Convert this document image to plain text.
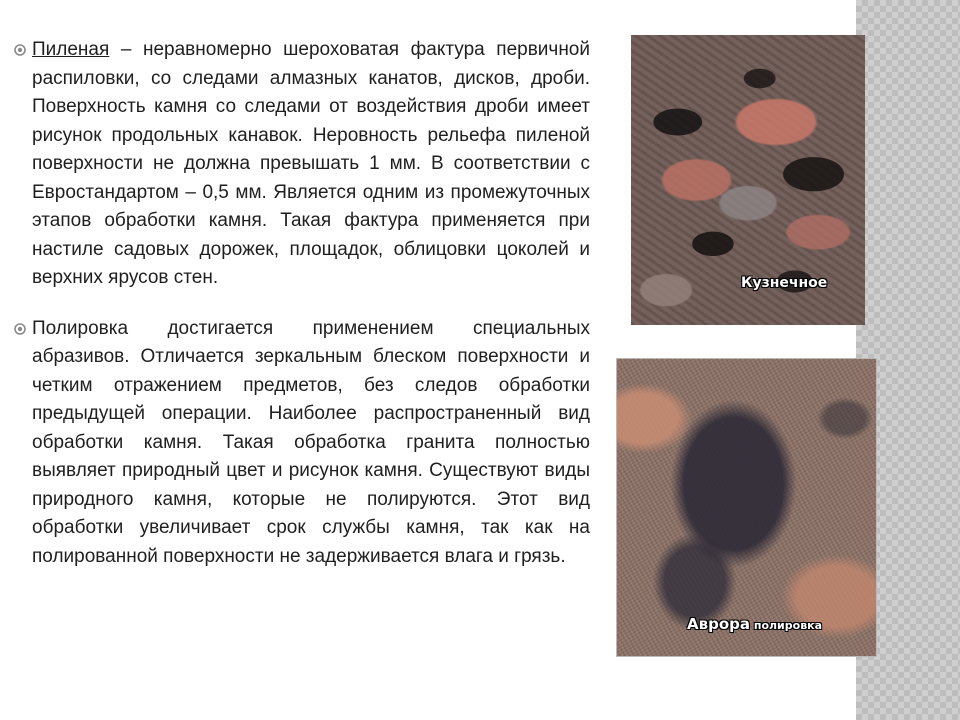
Пиленая – неравномерно шероховатая фактура первичной распиловки, со следами алмазных канатов, дисков, дроби. Поверхность камня со следами от воздействия дроби имеет рисунок продольных канавок. Неровность рельефа пиленой поверхности не должна превышать 1 мм. В соответствии с Евростандартом – 0,5 мм. Является одним из промежуточных этапов обработки камня. Такая фактура применяется при настиле садовых дорожек, площадок, облицовки цоколей и верхних ярусов стен.

Полировка достигается применением специальных абразивов. Отличается зеркальным блеском поверхности и четким отражением предметов, без следов обработки предыдущей операции. Наиболее распространенный вид обработки камня. Такая обработка гранита полностью выявляет природный цвет и рисунок камня. Существуют виды природного камня, которые не полируются. Этот вид обработки увеличивает срок службы камня, так как на полированной поверхности не задерживается влага и грязь.

Кузнечное
Аврора полировка
